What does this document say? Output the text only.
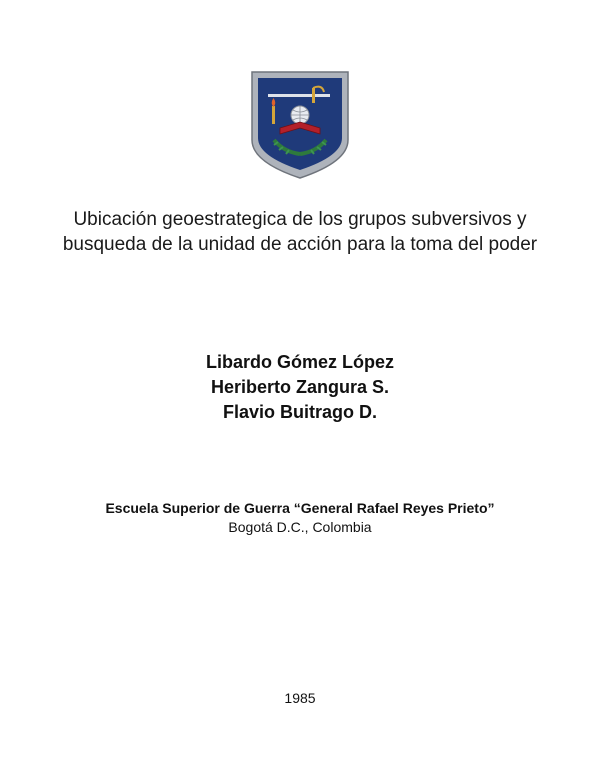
Ubicación geoestrategica de los grupos subversivos y busqueda de la unidad de acción para la toma del poder
Libardo Gómez López
Heriberto Zangura S.
Flavio Buitrago D.
Escuela Superior de Guerra “General Rafael Reyes Prieto”
Bogotá D.C., Colombia
1985
